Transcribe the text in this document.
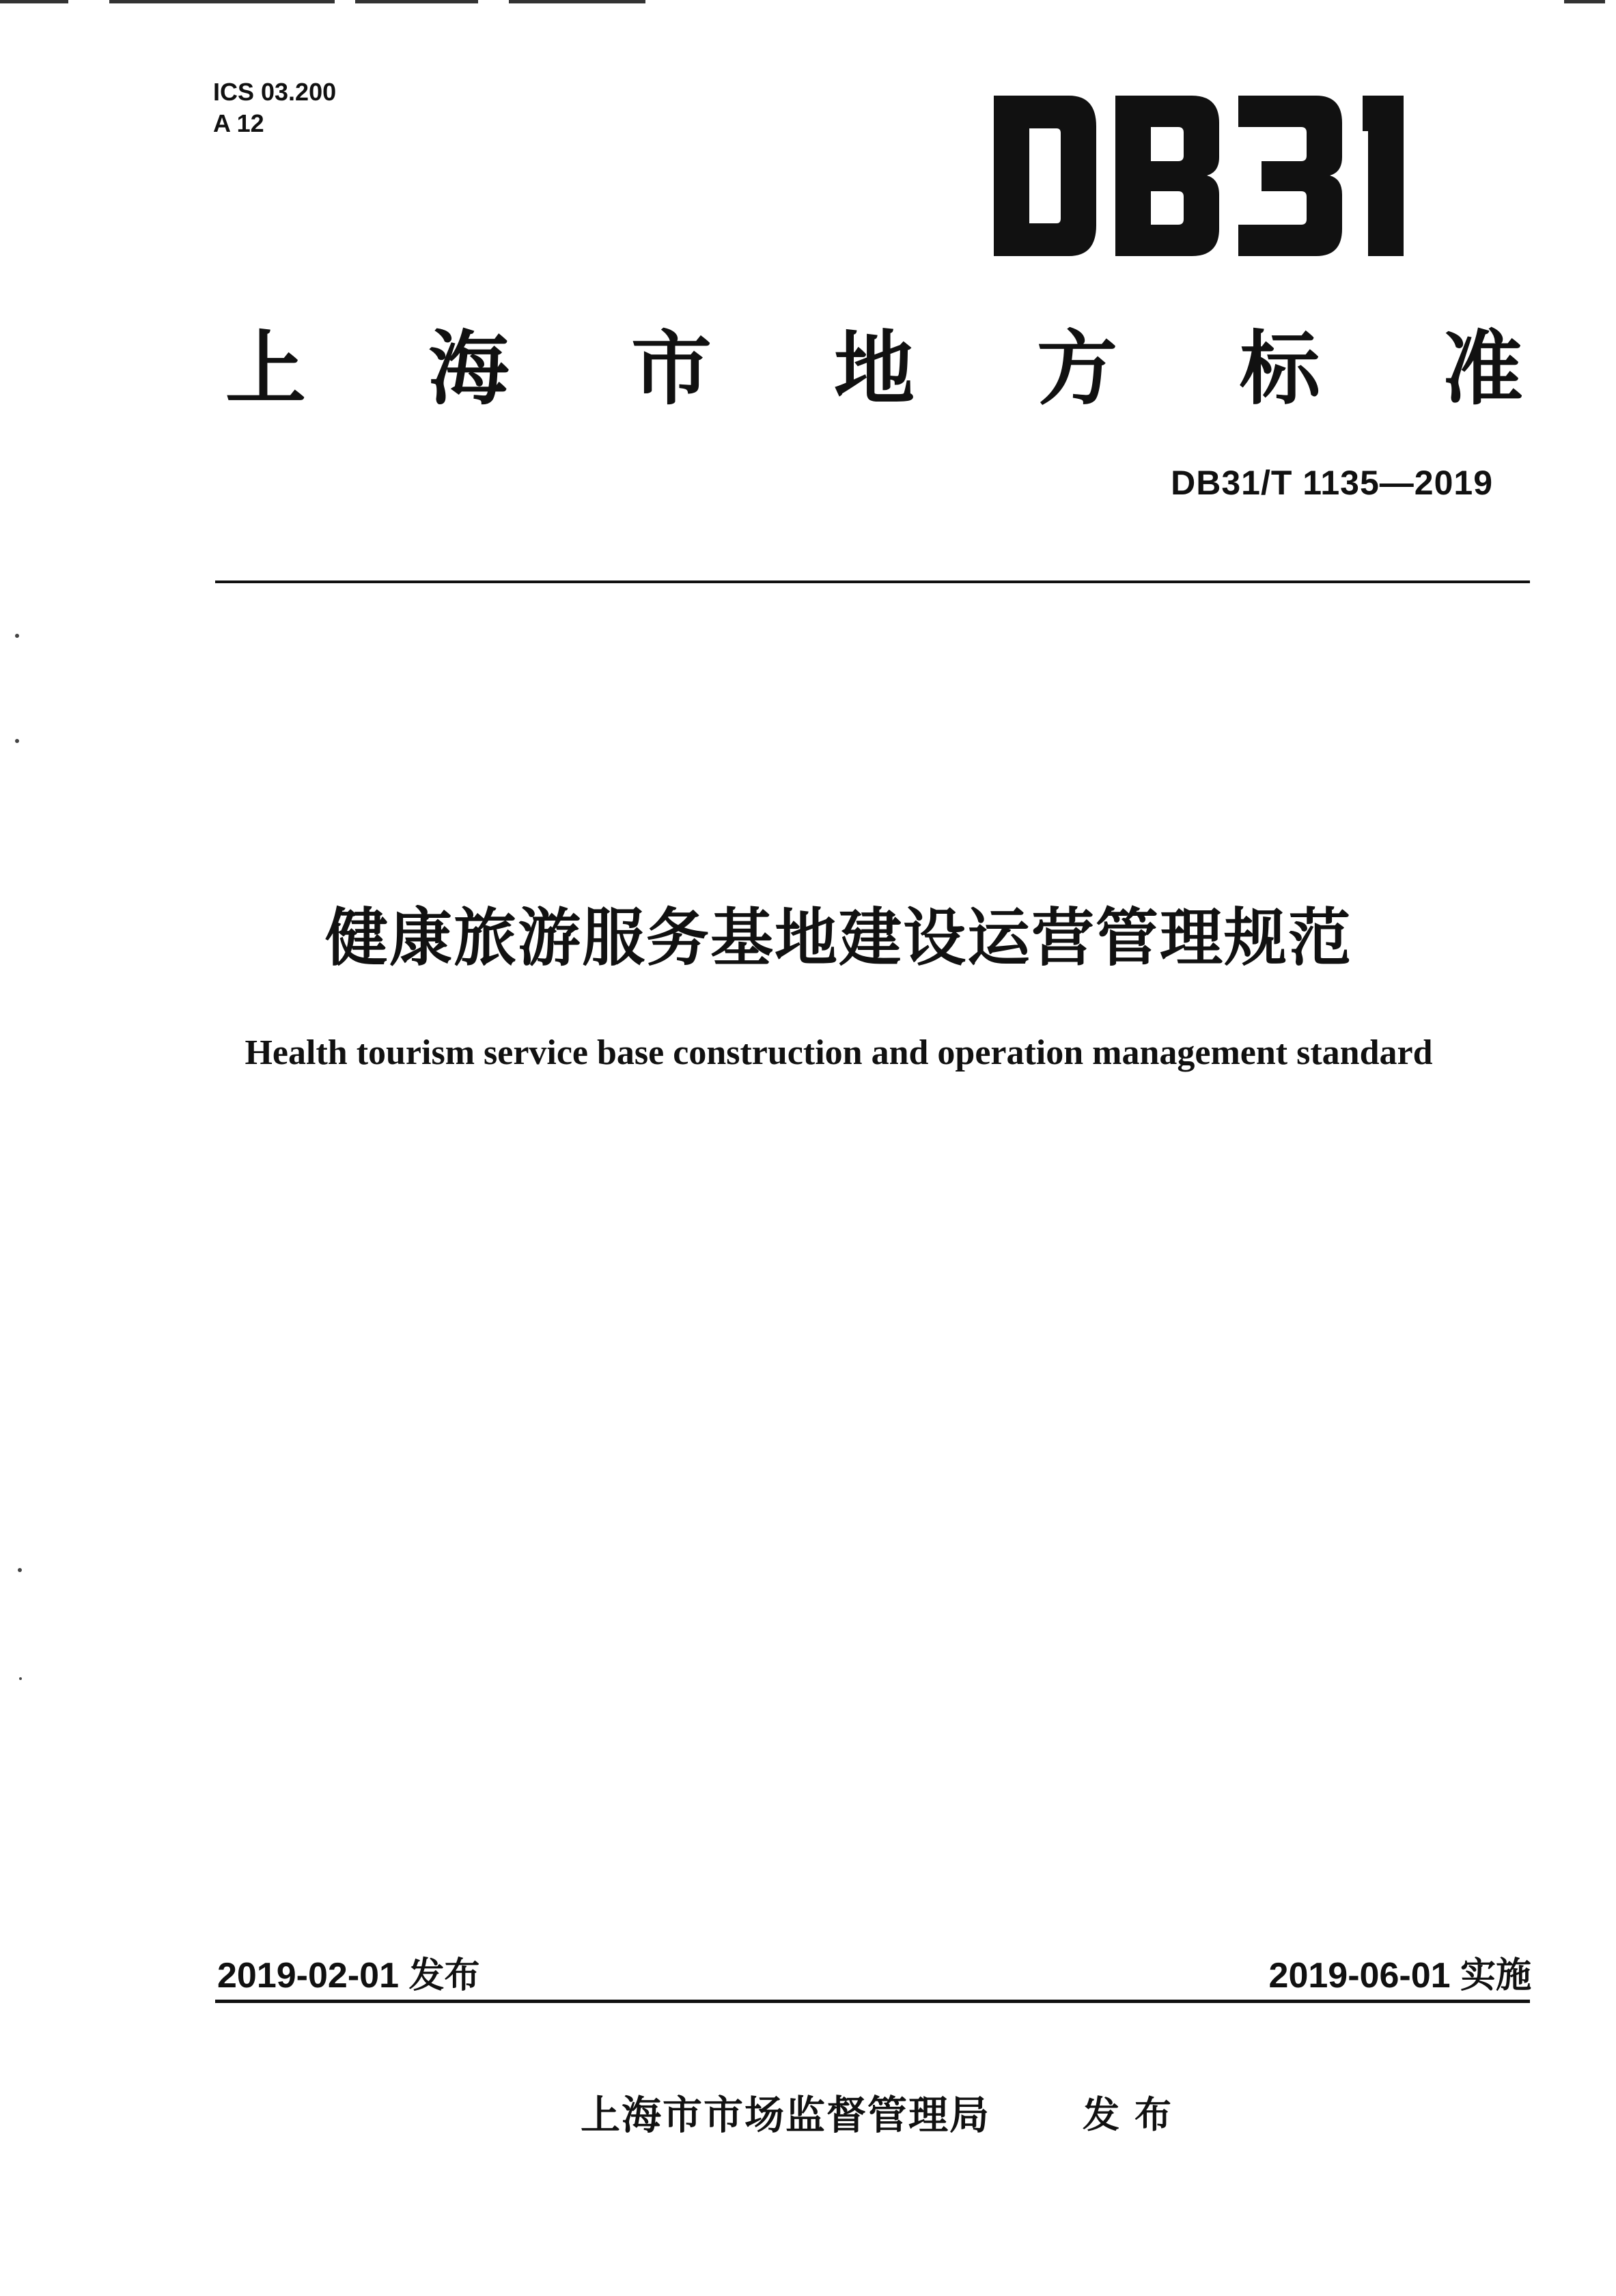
ICS 03.200
A 12
上 海 市 地 方 标 准
DB31/T 1135—2019
健康旅游服务基地建设运营管理规范
Health tourism service base construction and operation management standard
2019-02-01 发布	2019-06-01 实施
上海市市场监督管理局 发布
